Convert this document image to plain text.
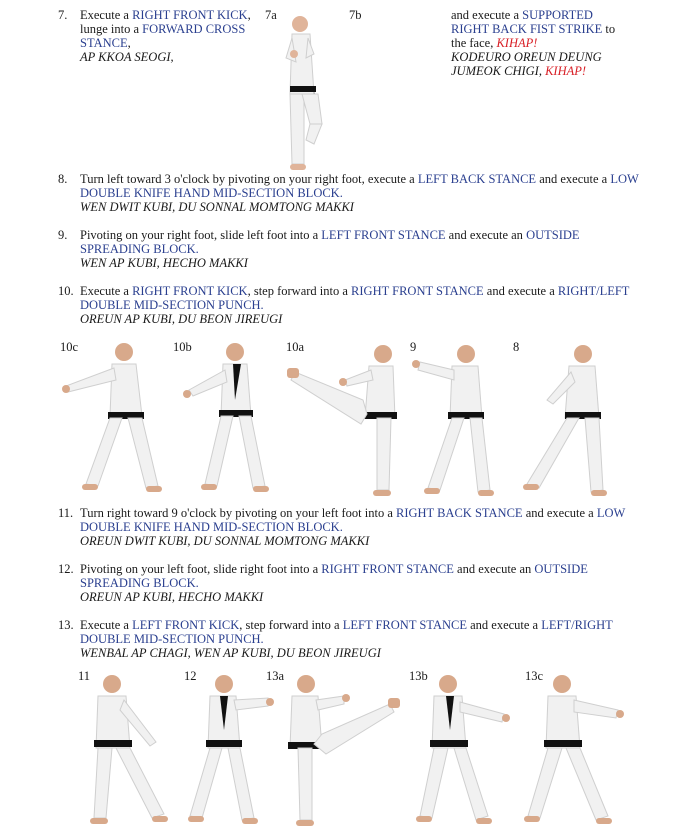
7.	Execute a RIGHT FRONT KICK, lunge into a FORWARD CROSS STANCE,
AP KKOA SEOGI,
and execute a SUPPORTED RIGHT BACK FIST STRIKE to the face, KIHAP!
KODEURO OREUN DEUNG JUMEOK CHIGI, KIHAP!
7a	7b
8.	Turn left toward 3 o'clock by pivoting on your right foot, execute a LEFT BACK STANCE and execute a LOW DOUBLE KNIFE HAND MID-SECTION BLOCK.
WEN DWIT KUBI, DU SONNAL MOMTONG MAKKI
9.	Pivoting on your right foot, slide left foot into a LEFT FRONT STANCE and execute an OUTSIDE SPREADING BLOCK.
WEN AP KUBI, HECHO MAKKI
10. Execute a RIGHT FRONT KICK, step forward into a RIGHT FRONT STANCE and execute a RIGHT/LEFT DOUBLE MID-SECTION PUNCH.
OREUN AP KUBI, DU BEON JIREUGI
10c	10b	10a	9	8
11. Turn right toward 9 o'clock by pivoting on your left foot into a RIGHT BACK STANCE and execute a LOW DOUBLE KNIFE HAND MID-SECTION BLOCK.
OREUN DWIT KUBI, DU SONNAL MOMTONG MAKKI
12. Pivoting on your left foot, slide right foot into a RIGHT FRONT STANCE and execute an OUTSIDE SPREADING BLOCK.
OREUN AP KUBI, HECHO MAKKI
13. Execute a LEFT FRONT KICK, step forward into a LEFT FRONT STANCE and execute a LEFT/RIGHT DOUBLE MID-SECTION PUNCH.
WENBAL AP CHAGI, WEN AP KUBI, DU BEON JIREUGI
11	12	13a	13b	13c
